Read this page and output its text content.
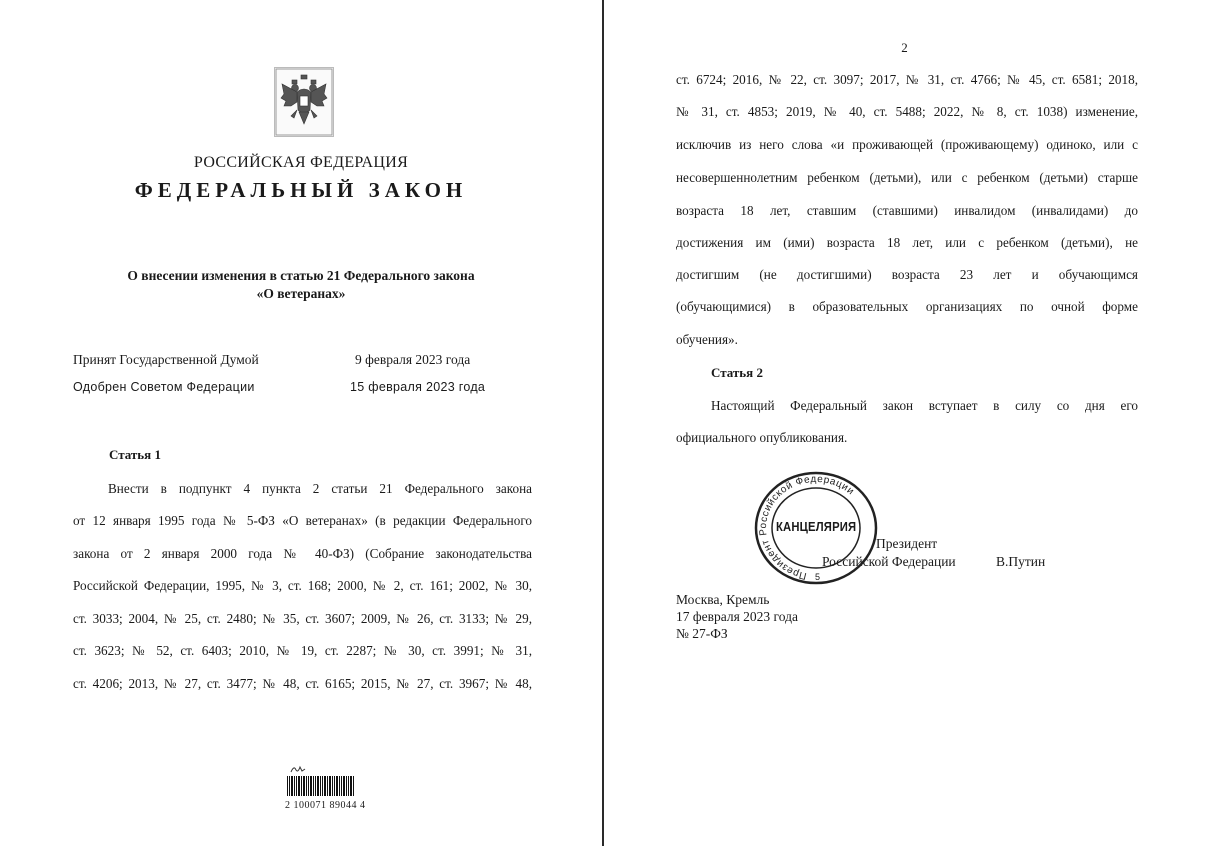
РОССИЙСКАЯ ФЕДЕРАЦИЯ
ФЕДЕРАЛЬНЫЙ ЗАКОН
О внесении изменения в статью 21 Федерального закона
«О ветеранах»
Принят Государственной Думой	9 февраля 2023 года
Одобрен Советом Федерации	15 февраля 2023 года
Статья 1
Внести в подпункт 4 пункта 2 статьи 21 Федерального закона
от 12 января 1995 года № 5-ФЗ «О ветеранах» (в редакции Федерального
закона от 2 января 2000 года № 40-ФЗ) (Собрание законодательства
Российской Федерации, 1995, № 3, ст. 168; 2000, № 2, ст. 161; 2002, № 30,
ст. 3033; 2004, № 25, ст. 2480; № 35, ст. 3607; 2009, № 26, ст. 3133; № 29,
ст. 3623; № 52, ст. 6403; 2010, № 19, ст. 2287; № 30, ст. 3991; № 31,
ст. 4206; 2013, № 27, ст. 3477; № 48, ст. 6165; 2015, № 27, ст. 3967; № 48,
2 100071 89044 4
2
ст. 6724; 2016, № 22, ст. 3097; 2017, № 31, ст. 4766; № 45, ст. 6581; 2018,
№ 31, ст. 4853; 2019, № 40, ст. 5488; 2022, № 8, ст. 1038) изменение,
исключив из него слова «и проживающей (проживающему) одиноко, или с
несовершеннолетним ребенком (детьми), или с ребенком (детьми) старше
возраста 18 лет, ставшим (ставшими) инвалидом (инвалидами) до
достижения им (ими) возраста 18 лет, или с ребенком (детьми), не
достигшим (не достигшими) возраста 23 лет и обучающимся
(обучающимися) в образовательных организациях по очной форме
обучения».
Статья 2
Настоящий Федеральный закон вступает в силу со дня его
официального опубликования.
Президент
Российской Федерации	В.Путин
Москва, Кремль
17 февраля 2023 года
№ 27-ФЗ
Президент Российской Федерации
КАНЦЕЛЯРИЯ
5
